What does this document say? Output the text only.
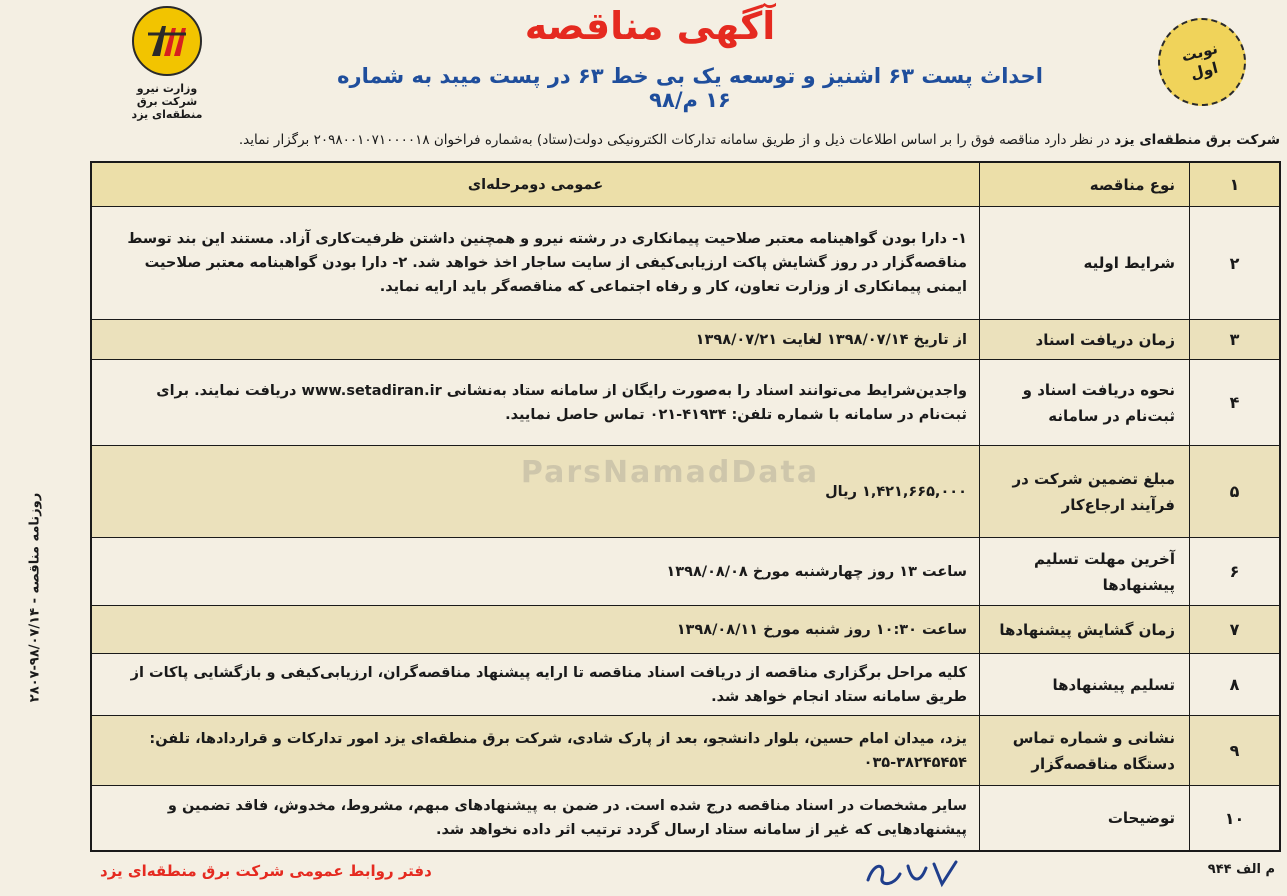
وزارت نیرو
شرکت برق منطقه‌ای یزد
آگهی مناقصه
احداث پست ۶۳ اشنیز و توسعه یک بی خط ۶۳ در پست میبد به شماره ۱۶ م/۹۸
نوبت
اول
شرکت برق منطقه‌ای یزد در نظر دارد مناقصه فوق را بر اساس اطلاعات ذیل و از طریق سامانه تدارکات الکترونیکی دولت(ستاد) به‌شماره فراخوان ۲۰۹۸۰۰۱۰۷۱۰۰۰۰۱۸ برگزار نماید.
۱
نوع مناقصه
عمومی دومرحله‌ای
۲
شرایط اولیه
۱- دارا بودن گواهینامه معتبر صلاحیت پیمانکاری در رشته نیرو و همچنین داشتن ظرفیت‌کاری آزاد. مستند این بند توسط مناقصه‌گزار در روز گشایش پاکت ارزیابی‌کیفی از سایت ساجار اخذ خواهد شد. ۲- دارا بودن گواهینامه معتبر صلاحیت ایمنی پیمانکاری از وزارت تعاون، کار و رفاه اجتماعی که مناقصه‌گر باید ارایه نماید.
۳
زمان دریافت اسناد
از تاریخ ۱۳۹۸/۰۷/۱۴ لغایت ۱۳۹۸/۰۷/۲۱
۴
نحوه دریافت اسناد و ثبت‌نام در سامانه
واجدین‌شرایط می‌توانند اسناد را به‌صورت رایگان از سامانه ستاد به‌نشانی www.setadiran.ir دریافت نمایند. برای ثبت‌نام در سامانه با شماره تلفن: ۴۱۹۳۴-۰۲۱ تماس حاصل نمایید.
۵
مبلغ تضمین شرکت در فرآیند ارجاع‌کار
۱,۴۲۱,۶۶۵,۰۰۰ ریال
۶
آخرین مهلت تسلیم پیشنهادها
ساعت ۱۳ روز چهارشنبه مورخ ۱۳۹۸/۰۸/۰۸
۷
زمان گشایش پیشنهادها
ساعت ۱۰:۳۰ روز شنبه مورخ ۱۳۹۸/۰۸/۱۱
۸
تسلیم پیشنهادها
کلیه مراحل برگزاری مناقصه از دریافت اسناد مناقصه تا ارایه پیشنهاد مناقصه‌گران، ارزیابی‌کیفی و بازگشایی پاکات از طریق سامانه ستاد انجام خواهد شد.
۹
نشانی و شماره تماس دستگاه مناقصه‌گزار
یزد، میدان امام حسین، بلوار دانشجو، بعد از پارک شادی، شرکت برق منطقه‌ای یزد امور تدارکات و قراردادها، تلفن: ۳۸۲۴۵۴۵۴-۰۳۵
۱۰
توضیحات
سایر مشخصات در اسناد مناقصه درج شده است. در ضمن به پیشنهادهای مبهم، مشروط، مخدوش، فاقد تضمین و پیشنهادهایی که غیر از سامانه ستاد ارسال گردد ترتیب اثر داده نخواهد شد.
ParsNamadData
روزنامه مناقصه - ۹۸/۰۷/۱۴-۲۸۰۷
دفتر روابط عمومی شرکت برق منطقه‌ای یزد	م الف ۹۴۴
